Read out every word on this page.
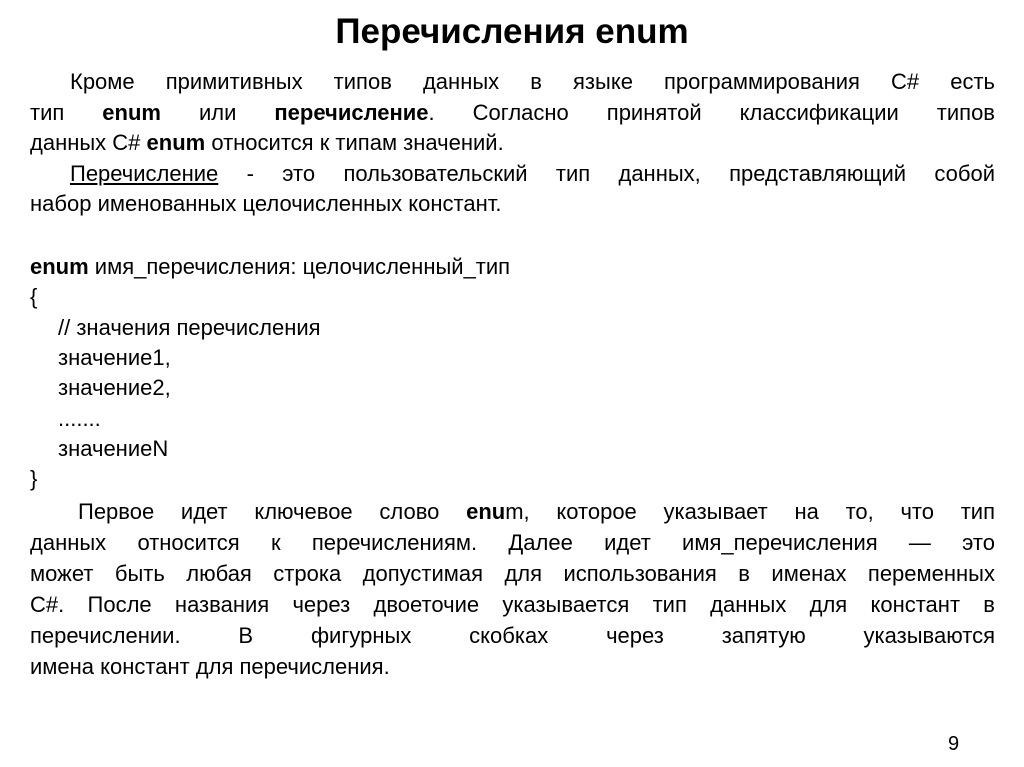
Перечисления enum
Кроме примитивных типов данных в языке программирования С# есть
тип enum или перечисление. Согласно принятой классификации типов
данных С# enum относится к типам значений.
Перечисление - это пользовательский тип данных, представляющий собой
набор именованных целочисленных констант.
enum имя_перечисления: целочисленный_тип
{
// значения перечисления
значение1,
значение2,
.......
значениеN
}
Первое идет ключевое слово enum, которое указывает на то, что тип
данных относится к перечислениям. Далее идет имя_перечисления — это
может быть любая строка допустимая для использования в именах переменных
С#. После названия через двоеточие указывается тип данных для констант в
перечислении. В фигурных скобках через запятую указываются
имена констант для перечисления.
9
